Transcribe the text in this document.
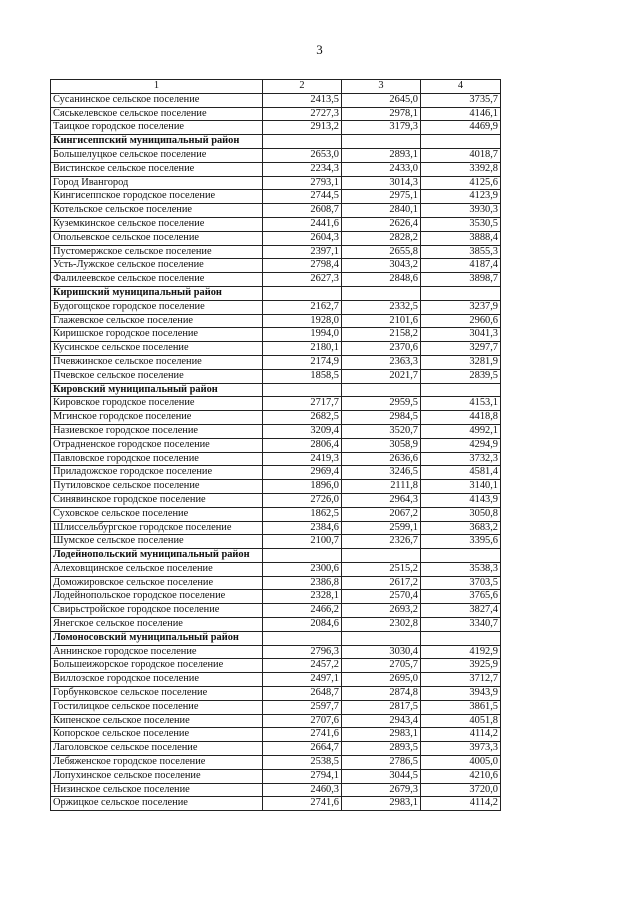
3
1	2	3	4
Сусанинское сельское поселение	2413,5	2645,0	3735,7
Сяськелевское сельское поселение	2727,3	2978,1	4146,1
Таицкое городское поселение	2913,2	3179,3	4469,9
Кингисеппский муниципальный район			
Большелуцкое сельское поселение	2653,0	2893,1	4018,7
Вистинское сельское поселение	2234,3	2433,0	3392,8
Город Ивангород	2793,1	3014,3	4125,6
Кингисеппское городское поселение	2744,5	2975,1	4123,9
Котельское сельское поселение	2608,7	2840,1	3930,3
Куземкинское сельское поселение	2441,6	2626,4	3530,5
Опольевское сельское поселение	2604,3	2828,2	3888,4
Пустомержское сельское поселение	2397,1	2655,8	3855,3
Усть-Лужское сельское поселение	2798,4	3043,2	4187,4
Фалилеевское сельское поселение	2627,3	2848,6	3898,7
Киришский муниципальный район			
Будогощское городское поселение	2162,7	2332,5	3237,9
Глажевское сельское поселение	1928,0	2101,6	2960,6
Киришское городское поселение	1994,0	2158,2	3041,3
Кусинское сельское поселение	2180,1	2370,6	3297,7
Пчевжинское сельское поселение	2174,9	2363,3	3281,9
Пчевское сельское поселение	1858,5	2021,7	2839,5
Кировский муниципальный район			
Кировское городское поселение	2717,7	2959,5	4153,1
Мгинское городское поселение	2682,5	2984,5	4418,8
Назиевское городское поселение	3209,4	3520,7	4992,1
Отрадненское городское поселение	2806,4	3058,9	4294,9
Павловское городское поселение	2419,3	2636,6	3732,3
Приладожское городское поселение	2969,4	3246,5	4581,4
Путиловское сельское поселение	1896,0	2111,8	3140,1
Синявинское городское поселение	2726,0	2964,3	4143,9
Суховское сельское поселение	1862,5	2067,2	3050,8
Шлиссельбургское городское поселение	2384,6	2599,1	3683,2
Шумское сельское поселение	2100,7	2326,7	3395,6
Лодейнопольский муниципальный район			
Алеховщинское сельское поселение	2300,6	2515,2	3538,3
Доможировское сельское поселение	2386,8	2617,2	3703,5
Лодейнопольское городское поселение	2328,1	2570,4	3765,6
Свирьстройское городское поселение	2466,2	2693,2	3827,4
Янегское сельское поселение	2084,6	2302,8	3340,7
Ломоносовский муниципальный район			
Аннинское городское поселение	2796,3	3030,4	4192,9
Большеижорское городское поселение	2457,2	2705,7	3925,9
Виллозское городское поселение	2497,1	2695,0	3712,7
Горбунковское сельское поселение	2648,7	2874,8	3943,9
Гостилицкое сельское поселение	2597,7	2817,5	3861,5
Кипенское сельское поселение	2707,6	2943,4	4051,8
Копорское сельское поселение	2741,6	2983,1	4114,2
Лаголовское сельское поселение	2664,7	2893,5	3973,3
Лебяженское городское поселение	2538,5	2786,5	4005,0
Лопухинское сельское поселение	2794,1	3044,5	4210,6
Низинское сельское поселение	2460,3	2679,3	3720,0
Оржицкое сельское поселение	2741,6	2983,1	4114,2
